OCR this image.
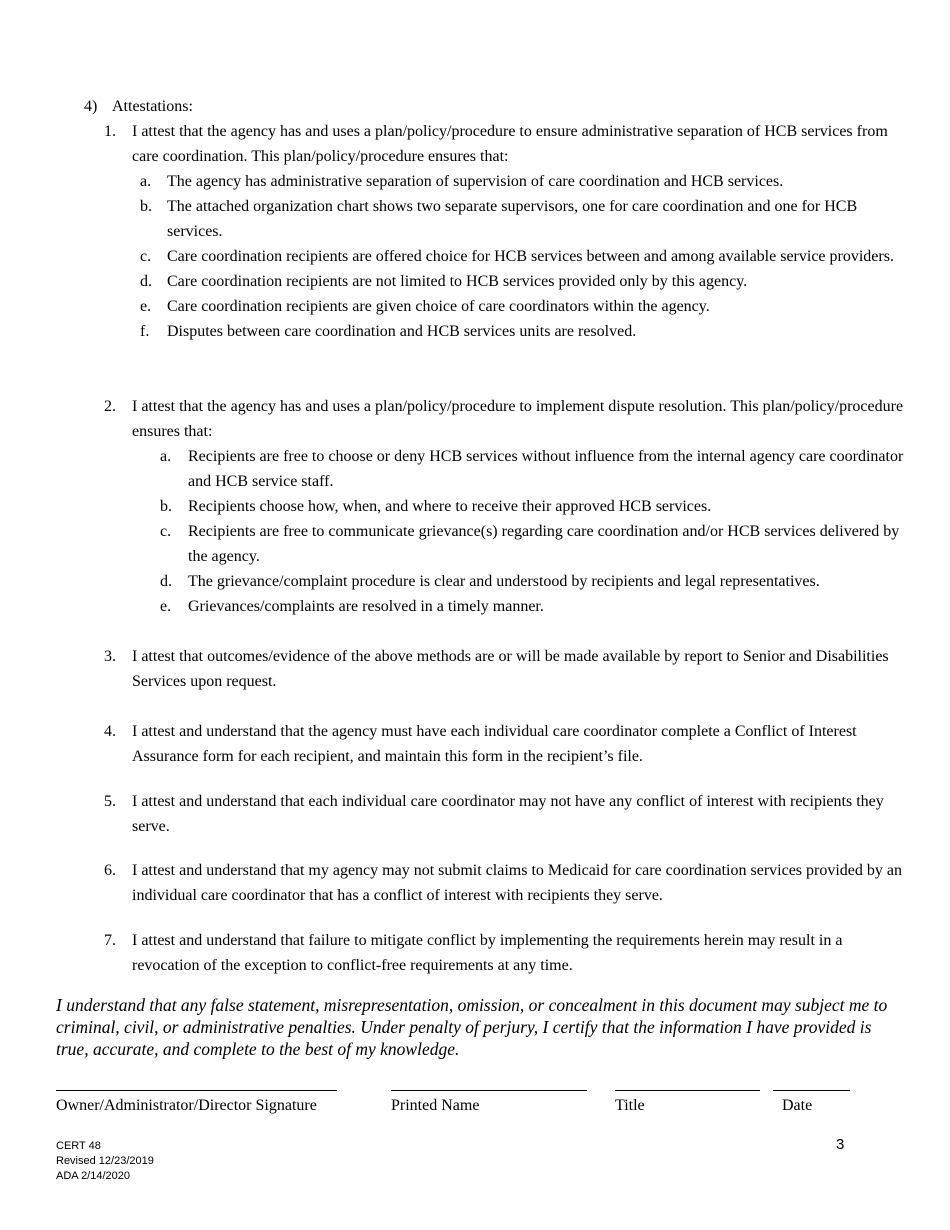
4) Attestations:
1. I attest that the agency has and uses a plan/policy/procedure to ensure administrative separation of HCB services from care coordination. This plan/policy/procedure ensures that:
a. The agency has administrative separation of supervision of care coordination and HCB services.
b. The attached organization chart shows two separate supervisors, one for care coordination and one for HCB services.
c. Care coordination recipients are offered choice for HCB services between and among available service providers.
d. Care coordination recipients are not limited to HCB services provided only by this agency.
e. Care coordination recipients are given choice of care coordinators within the agency.
f. Disputes between care coordination and HCB services units are resolved.
2. I attest that the agency has and uses a plan/policy/procedure to implement dispute resolution. This plan/policy/procedure ensures that:
a. Recipients are free to choose or deny HCB services without influence from the internal agency care coordinator and HCB service staff.
b. Recipients choose how, when, and where to receive their approved HCB services.
c. Recipients are free to communicate grievance(s) regarding care coordination and/or HCB services delivered by the agency.
d. The grievance/complaint procedure is clear and understood by recipients and legal representatives.
e. Grievances/complaints are resolved in a timely manner.
3. I attest that outcomes/evidence of the above methods are or will be made available by report to Senior and Disabilities Services upon request.
4. I attest and understand that the agency must have each individual care coordinator complete a Conflict of Interest Assurance form for each recipient, and maintain this form in the recipient’s file.
5. I attest and understand that each individual care coordinator may not have any conflict of interest with recipients they serve.
6. I attest and understand that my agency may not submit claims to Medicaid for care coordination services provided by an individual care coordinator that has a conflict of interest with recipients they serve.
7. I attest and understand that failure to mitigate conflict by implementing the requirements herein may result in a revocation of the exception to conflict-free requirements at any time.
I understand that any false statement, misrepresentation, omission, or concealment in this document may subject me to criminal, civil, or administrative penalties. Under penalty of perjury, I certify that the information I have provided is true, accurate, and complete to the best of my knowledge.
Owner/Administrator/Director Signature	Printed Name	Title	Date
CERT 48
Revised 12/23/2019
ADA 2/14/2020
3
